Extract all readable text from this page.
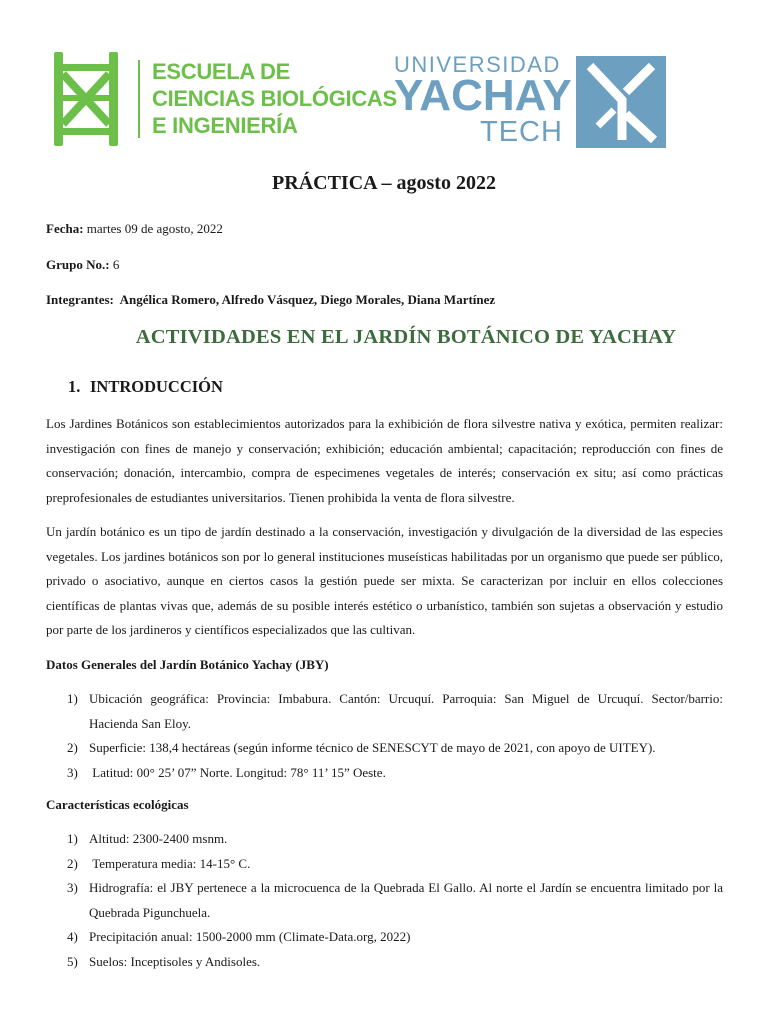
ESCUELA DE
CIENCIAS BIOLÓGICAS
E INGENIERÍA
UNIVERSIDAD
YACHAY
TECH
PRÁCTICA – agosto 2022
Fecha: martes 09 de agosto, 2022
Grupo No.: 6
Integrantes:  Angélica Romero, Alfredo Vásquez, Diego Morales, Diana Martínez
ACTIVIDADES EN EL JARDÍN BOTÁNICO DE YACHAY
1. INTRODUCCIÓN

Los Jardines Botánicos son establecimientos autorizados para la exhibición de flora silvestre nativa y exótica, permiten realizar: investigación con fines de manejo y conservación; exhibición; educación ambiental; capacitación; reproducción con fines de conservación; donación, intercambio, compra de especimenes vegetales de interés; conservación ex situ; así como prácticas preprofesionales de estudiantes universitarios. Tienen prohibida la venta de flora silvestre.

Un jardín botánico es un tipo de jardín destinado a la conservación, investigación y divulgación de la diversidad de las especies vegetales. Los jardines botánicos son por lo general instituciones museísticas habilitadas por un organismo que puede ser público, privado o asociativo, aunque en ciertos casos la gestión puede ser mixta. Se caracterizan por incluir en ellos colecciones científicas de plantas vivas que, además de su posible interés estético o urbanístico, también son sujetas a observación y estudio por parte de los jardineros y científicos especializados que las cultivan.

Datos Generales del Jardín Botánico Yachay (JBY)

1) Ubicación geográfica: Provincia: Imbabura. Cantón: Urcuquí. Parroquia: San Miguel de Urcuquí. Sector/barrio: Hacienda San Eloy.
2) Superficie: 138,4 hectáreas (según informe técnico de SENESCYT de mayo de 2021, con apoyo de UITEY).
3) Latitud: 00° 25’ 07” Norte. Longitud: 78° 11’ 15” Oeste.

Características ecológicas

1) Altitud: 2300-2400 msnm.
2) Temperatura media: 14-15° C.
3) Hidrografía: el JBY pertenece a la microcuenca de la Quebrada El Gallo. Al norte el Jardín se encuentra limitado por la Quebrada Pigunchuela.
4) Precipitación anual: 1500-2000 mm (Climate-Data.org, 2022)
5) Suelos: Inceptisoles y Andisoles.
